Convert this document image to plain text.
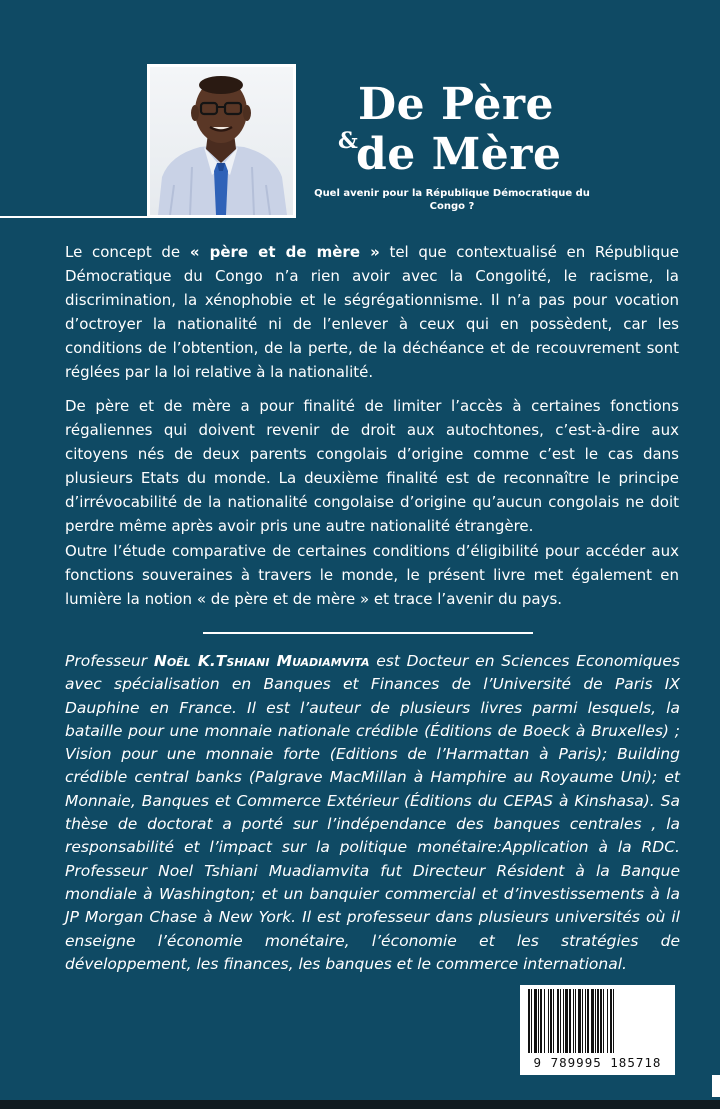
De Père
&
de Mère
Quel avenir pour la République Démocratique du Congo ?

Le concept de « père et de mère » tel que contextualisé en République Démocratique du Congo n’a rien avoir avec la Congolité, le racisme, la discrimination, la xénophobie et le ségrégationnisme. Il n’a pas pour vocation d’octroyer la nationalité ni de l’enlever à ceux qui en possèdent, car les conditions de l’obtention, de la perte, de la déchéance et de recouvrement sont réglées par la loi relative à la nationalité.

De père et de mère a pour finalité de limiter l’accès à certaines fonctions régaliennes qui doivent revenir de droit aux autochtones, c’est-à-dire aux citoyens nés de deux parents congolais d’origine comme c’est le cas dans plusieurs Etats du monde. La deuxième finalité est de reconnaître le principe d’irrévocabilité de la nationalité congolaise d’origine qu’aucun congolais ne doit perdre même après avoir pris une autre nationalité étrangère.

Outre l’étude comparative de certaines conditions d’éligibilité pour accéder aux fonctions souveraines à travers le monde, le présent livre met également en lumière la notion « de père et de mère » et trace l’avenir du pays.

Professeur Noël K.Tshiani Muadiamvita est Docteur en Sciences Economiques avec spécialisation en Banques et Finances de l’Université de Paris IX Dauphine en France. Il est l’auteur de plusieurs livres parmi lesquels, la bataille pour une monnaie nationale crédible (Éditions de Boeck à Bruxelles) ; Vision pour une monnaie forte (Editions de l’Harmattan à Paris); Building crédible central banks (Palgrave MacMillan à Hamphire au Royaume Uni); et Monnaie, Banques et Commerce Extérieur (Éditions du CEPAS à Kinshasa). Sa thèse de doctorat a porté sur l’indépendance des banques centrales , la responsabilité et l’impact sur la politique monétaire:Application à la RDC. Professeur Noel Tshiani Muadiamvita fut Directeur Résident à la Banque mondiale à Washington; et un banquier commercial et d’investissements à la JP Morgan Chase à New York. Il est professeur dans plusieurs universités où il enseigne l’économie monétaire, l’économie et les stratégies de développement, les finances, les banques et le commerce international.

9 789995 185718
